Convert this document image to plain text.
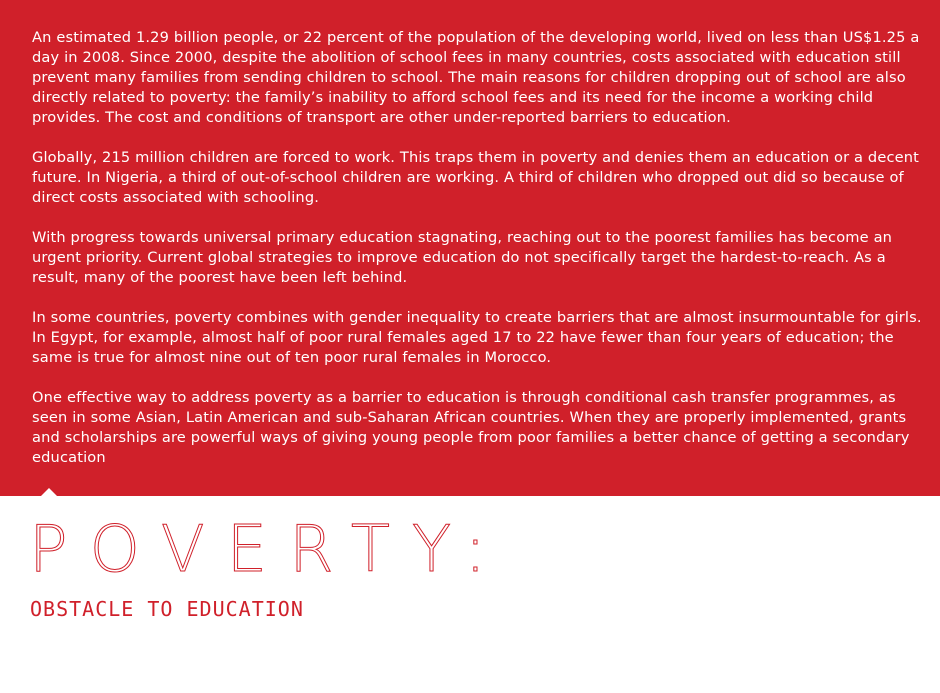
An estimated 1.29 billion people, or 22 percent of the population of the developing world, lived on less than US$1.25 a day in 2008. Since 2000, despite the abolition of school fees in many countries, costs associated with education still prevent many families from sending children to school. The main reasons for children dropping out of school are also directly related to poverty: the family’s inability to afford school fees and its need for the income a working child provides. The cost and conditions of transport are other under-reported barriers to education.

Globally, 215 million children are forced to work. This traps them in poverty and denies them an education or a decent future. In Nigeria, a third of out-of-school children are working. A third of children who dropped out did so because of direct costs associated with schooling.

With progress towards universal primary education stagnating, reaching out to the poorest families has become an urgent priority. Current global strategies to improve education do not specifically target the hardest-to-reach. As a result, many of the poorest have been left behind.

In some countries, poverty combines with gender inequality to create barriers that are almost insurmountable for girls. In Egypt, for example, almost half of poor rural females aged 17 to 22 have fewer than four years of education; the same is true for almost nine out of ten poor rural females in Morocco.

One effective way to address poverty as a barrier to education is through conditional cash transfer programmes, as seen in some Asian, Latin American and sub-Saharan African countries. When they are properly implemented, grants and scholarships are powerful ways of giving young people from poor families a better chance of getting a secondary education

POVERTY:
OBSTACLE TO EDUCATION
